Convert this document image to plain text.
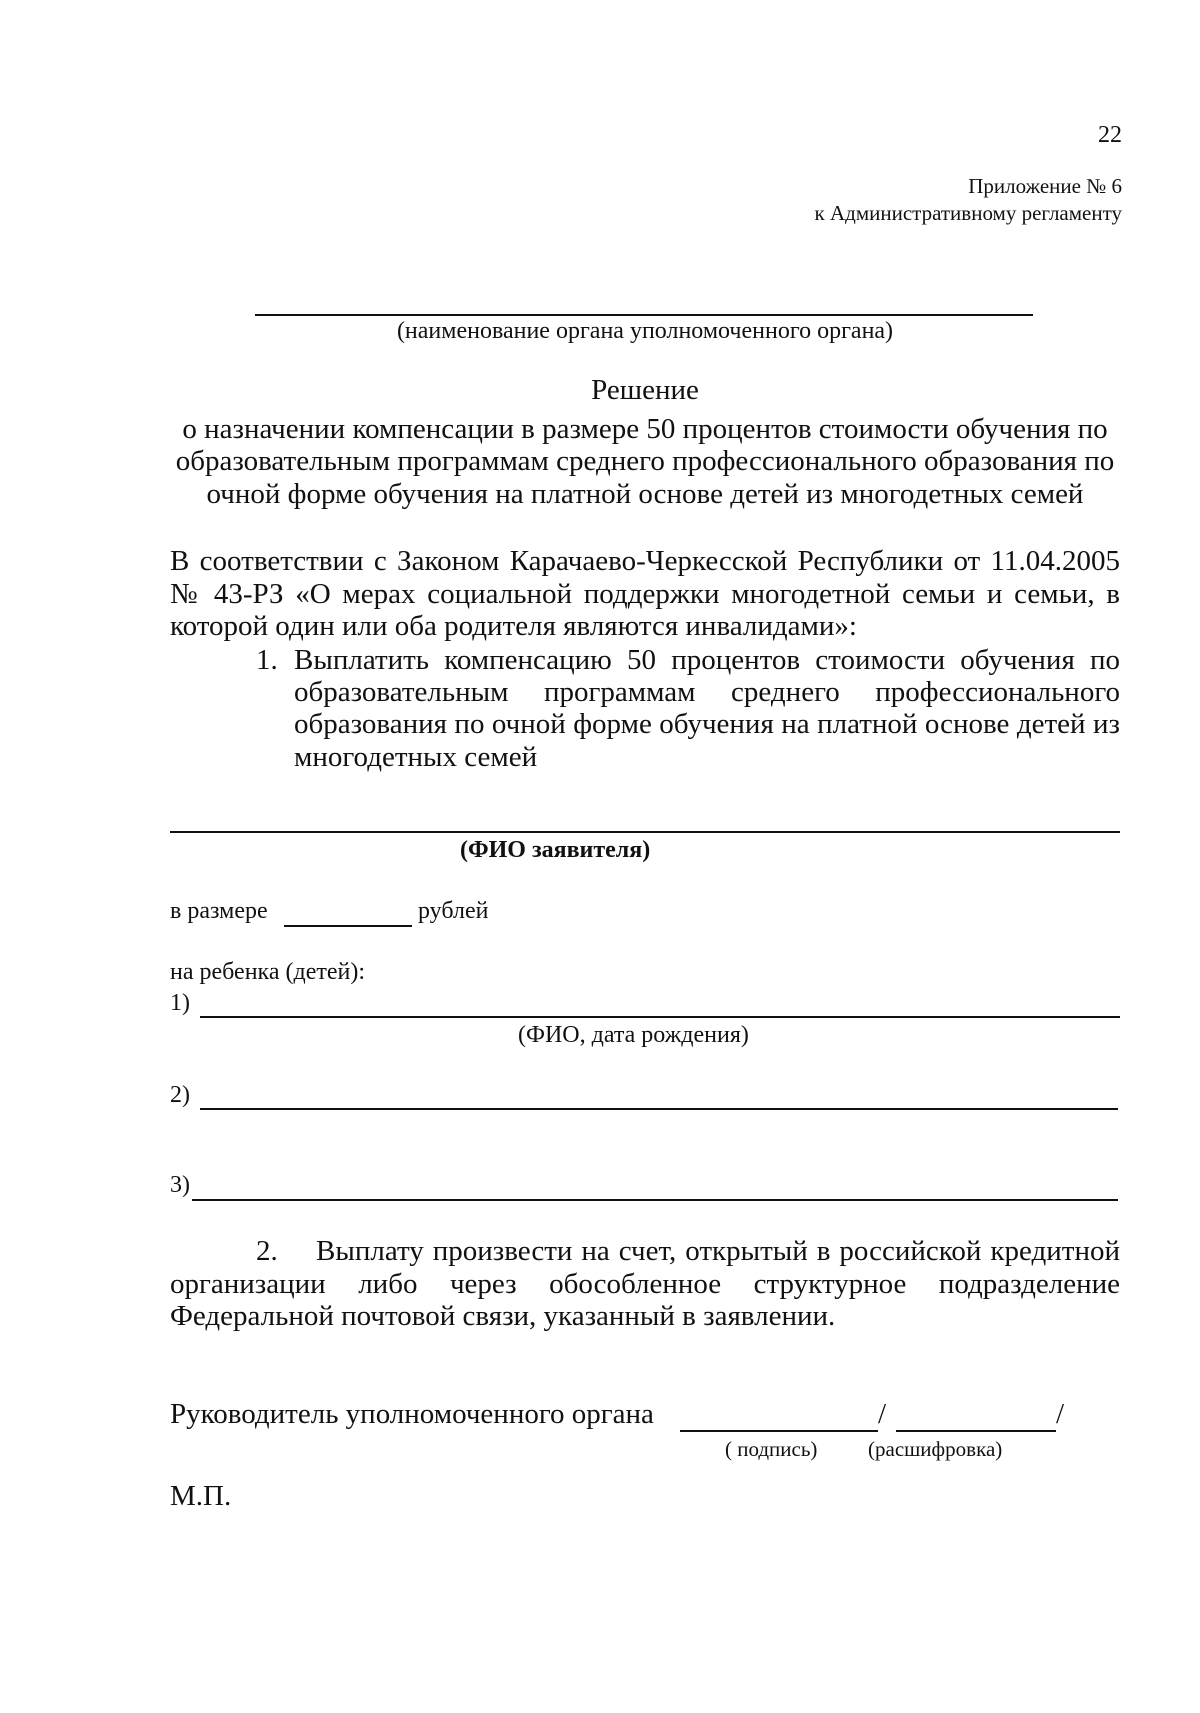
22
Приложение № 6
к Административному регламенту
(наименование органа уполномоченного органа)
Решение
о назначении компенсации в размере 50 процентов стоимости обучения по
образовательным программам среднего профессионального образования по
очной форме обучения на платной основе детей из многодетных семей
В соответствии с Законом Карачаево-Черкесской Республики от 11.04.2005
№ 43-РЗ «О мерах социальной поддержки многодетной семьи и семьи, в
которой один или оба родителя являются инвалидами»:
1. Выплатить компенсацию 50 процентов стоимости обучения по
образовательным программам среднего профессионального
образования по очной форме обучения на платной основе детей из
многодетных семей
(ФИО заявителя)
в размере	рублей
на ребенка (детей):
1)
(ФИО, дата рождения)
2)
3)
2. Выплату произвести на счет, открытый в российской кредитной
организации либо через обособленное структурное подразделение
Федеральной почтовой связи, указанный в заявлении.
Руководитель уполномоченного органа	/	/
( подпись) (расшифровка)
М.П.
